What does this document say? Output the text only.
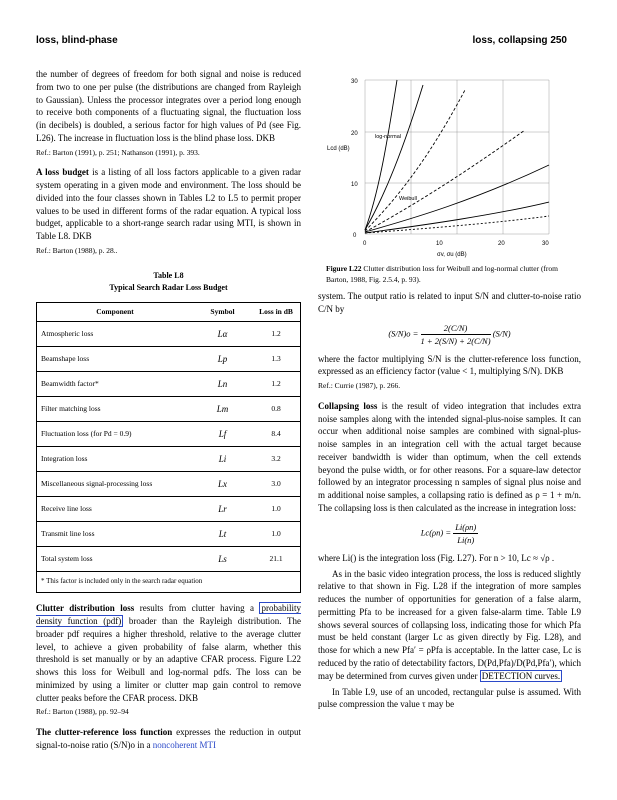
loss, blind-phase	loss, collapsing 250

the number of degrees of freedom for both signal and noise is reduced from two to one per pulse (the distributions are changed from Rayleigh to Gaussian). Unless the processor integrates over a period long enough to receive both components of a fluctuating signal, the fluctuation loss (in decibels) is doubled, a serious factor for high values of Pd (see Fig. L26). The increase in fluctuation loss is the blind phase loss. DKB

Ref.: Barton (1991), p. 251; Nathanson (1991), p. 393.

A loss budget is a listing of all loss factors applicable to a given radar system operating in a given mode and environment. The loss should be divided into the four classes shown in Tables L2 to L5 to permit proper values to be used in different forms of the radar equation. A typical loss budget, applicable to a short-range search radar using MTI, is shown in Table L8. DKB

Ref.: Barton (1988), p. 28..

Table L8
Typical Search Radar Loss Budget
Component	Symbol	Loss in dB
Atmospheric loss	Lα	1.2
Beamshape loss	Lp	1.3
Beamwidth factor*	Ln	1.2
Filter matching loss	Lm	0.8
Fluctuation loss (for Pd = 0.9)	Lf	8.4
Integration loss	Li	3.2
Miscellaneous signal-processing loss	Lx	3.0
Receive line loss	Lr	1.0
Transmit line loss	Lt	1.0
Total system loss	Ls	21.1
* This factor is included only in the search radar equation		

Clutter distribution loss results from clutter having a probability density function (pdf) broader than the Rayleigh distribution. The broader pdf requires a higher threshold, relative to the average clutter level, to achieve a given probability of false alarm, whether this threshold is set manually or by an adaptive CFAR process. Figure L22 shows this loss for Weibull and log-normal pdfs. The loss can be minimized by using a limiter or clutter map gain control to remove clutter peaks before the CFAR process. DKB

Ref.: Barton (1988), pp. 92–94

The clutter-reference loss function expresses the reduction in output signal-to-noise ratio (S/N)o in a noncoherent MTI

Lcd (dB)
30
20
10
0
0	10	20	30
σv, σu (dB)
log-normal
Weibull
Figure L22 Clutter distribution loss for Weibull and log-normal clutter (from Barton, 1988, Fig. 2.5.4, p. 93).

system. The output ratio is related to input S/N and clutter-to-noise ratio C/N by

$(S/N)o = \frac{2(C/N)}{1 + 2(S/N) + 2(C/N)} (S/N)$

where the factor multiplying S/N is the clutter-reference loss function, expressed as an efficiency factor (value < 1, multiplying S/N). DKB

Ref.: Currie (1987), p. 266.

Collapsing loss is the result of video integration that includes extra noise samples along with the intended signal-plus-noise samples. It can occur when additional noise samples are combined with signal-plus-noise samples in an integration cell with the actual target because receiver bandwidth is wider than optimum, when the cell extends beyond the pulse width, or for other reasons. For a square-law detector followed by an integrator processing n samples of signal plus noise and m additional noise samples, a collapsing ratio is defined as ρ = 1 + m/n. The collapsing loss is then calculated as the increase in integration loss:

$Lc(\rho n) = \frac{Li(\rho n)}{Li(n)}$

where Li() is the integration loss (Fig. L27). For n > 10, Lc ≈ √ρ .

As in the basic video integration process, the loss is reduced slightly relative to that shown in Fig. L28 if the integration of more samples reduces the number of opportunities for generation of a false alarm, permitting Pfa to be increased for a given false-alarm time. Table L9 shows several sources of collapsing loss, indicating those for which Pfa must be held constant (larger Lc as given directly by Fig. L28), and those for which a new Pfa′ = ρPfa is acceptable. In the latter case, Lc is reduced by the ratio of detectability factors, D(Pd,Pfa)/D(Pd,Pfa′), which may be determined from curves given under DETECTION curves.

In Table L9, use of an uncoded, rectangular pulse is assumed. With pulse compression the value τ may be
